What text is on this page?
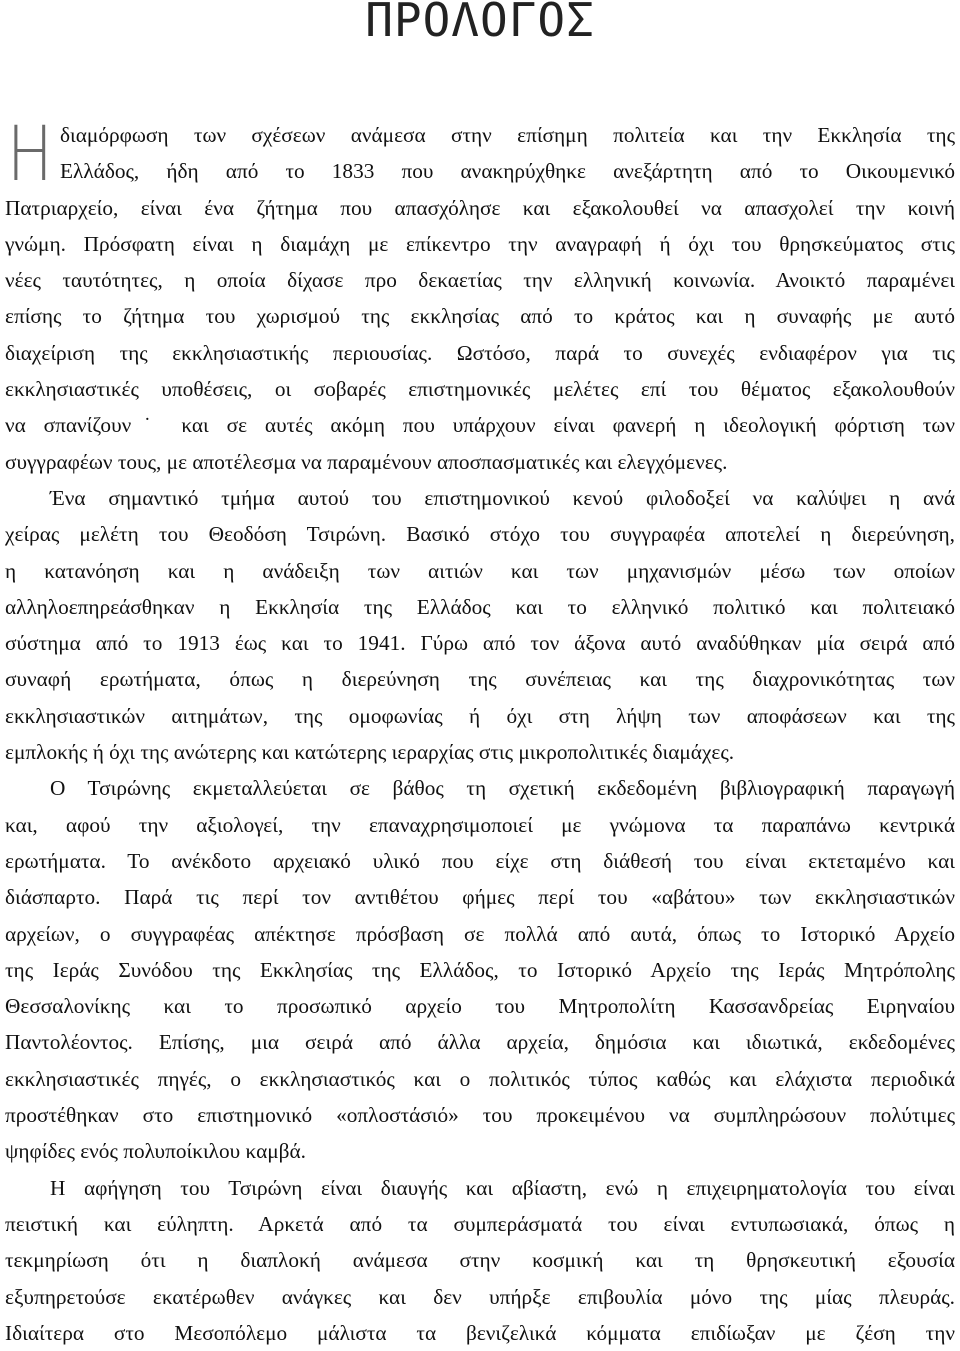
ΠΡΟΛΟΓΟΣ
Η διαμόρφωση των σχέσεων ανάμεσα στην επίσημη πολιτεία και την Εκκλησία της
Ελλάδος, ήδη από το 1833 που ανακηρύχθηκε ανεξάρτητη από το Οικουμενικό
Πατριαρχείο, είναι ένα ζήτημα που απασχόλησε και εξακολουθεί να απασχολεί την κοινή
γνώμη. Πρόσφατη είναι η διαμάχη με επίκεντρο την αναγραφή ή όχι του θρησκεύματος στις
νέες ταυτότητες, η οποία δίχασε προ δεκαετίας την ελληνική κοινωνία. Ανοικτό παραμένει
επίσης το ζήτημα του χωρισμού της εκκλησίας από το κράτος και η συναφής με αυτό
διαχείριση της εκκλησιαστικής περιουσίας. Ωστόσο, παρά το συνεχές ενδιαφέρον για τις
εκκλησιαστικές υποθέσεις, οι σοβαρές επιστημονικές μελέτες επί του θέματος εξακολουθούν
να σπανίζουν˙ και σε αυτές ακόμη που υπάρχουν είναι φανερή η ιδεολογική φόρτιση των
συγγραφέων τους, με αποτέλεσμα να παραμένουν αποσπασματικές και ελεγχόμενες.
Ένα σημαντικό τμήμα αυτού του επιστημονικού κενού φιλοδοξεί να καλύψει η ανά
χείρας μελέτη του Θεοδόση Τσιρώνη. Βασικό στόχο του συγγραφέα αποτελεί η διερεύνηση,
η κατανόηση και η ανάδειξη των αιτιών και των μηχανισμών μέσω των οποίων
αλληλοεπηρεάσθηκαν η Εκκλησία της Ελλάδος και το ελληνικό πολιτικό και πολιτειακό
σύστημα από το 1913 έως και το 1941. Γύρω από τον άξονα αυτό αναδύθηκαν μία σειρά από
συναφή ερωτήματα, όπως η διερεύνηση της συνέπειας και της διαχρονικότητας των
εκκλησιαστικών αιτημάτων, της ομοφωνίας ή όχι στη λήψη των αποφάσεων και της
εμπλοκής ή όχι της ανώτερης και κατώτερης ιεραρχίας στις μικροπολιτικές διαμάχες.
Ο Τσιρώνης εκμεταλλεύεται σε βάθος τη σχετική εκδεδομένη βιβλιογραφική παραγωγή
και, αφού την αξιολογεί, την επαναχρησιμοποιεί με γνώμονα τα παραπάνω κεντρικά
ερωτήματα. Το ανέκδοτο αρχειακό υλικό που είχε στη διάθεσή του είναι εκτεταμένο και
διάσπαρτο. Παρά τις περί τον αντιθέτου φήμες περί του «αβάτου» των εκκλησιαστικών
αρχείων, ο συγγραφέας απέκτησε πρόσβαση σε πολλά από αυτά, όπως το Ιστορικό Αρχείο
της Ιεράς Συνόδου της Εκκλησίας της Ελλάδος, το Ιστορικό Αρχείο της Ιεράς Μητρόπολης
Θεσσαλονίκης και το προσωπικό αρχείο του Μητροπολίτη Κασσανδρείας Ειρηναίου
Παντολέοντος. Επίσης, μια σειρά από άλλα αρχεία, δημόσια και ιδιωτικά, εκδεδομένες
εκκλησιαστικές πηγές, ο εκκλησιαστικός και ο πολιτικός τύπος καθώς και ελάχιστα περιοδικά
προστέθηκαν στο επιστημονικό «οπλοστάσιό» του προκειμένου να συμπληρώσουν πολύτιμες
ψηφίδες ενός πολυποίκιλου καμβά.
Η αφήγηση του Τσιρώνη είναι διαυγής και αβίαστη, ενώ η επιχειρηματολογία του είναι
πειστική και εύληπτη. Αρκετά από τα συμπεράσματά του είναι εντυπωσιακά, όπως η
τεκμηρίωση ότι η διαπλοκή ανάμεσα στην κοσμική και τη θρησκευτική εξουσία
εξυπηρετούσε εκατέρωθεν ανάγκες και δεν υπήρξε επιβουλία μόνο της μίας πλευράς.
Ιδιαίτερα στο Μεσοπόλεμο μάλιστα τα βενιζελικά κόμματα επιδίωξαν με ζέση την
